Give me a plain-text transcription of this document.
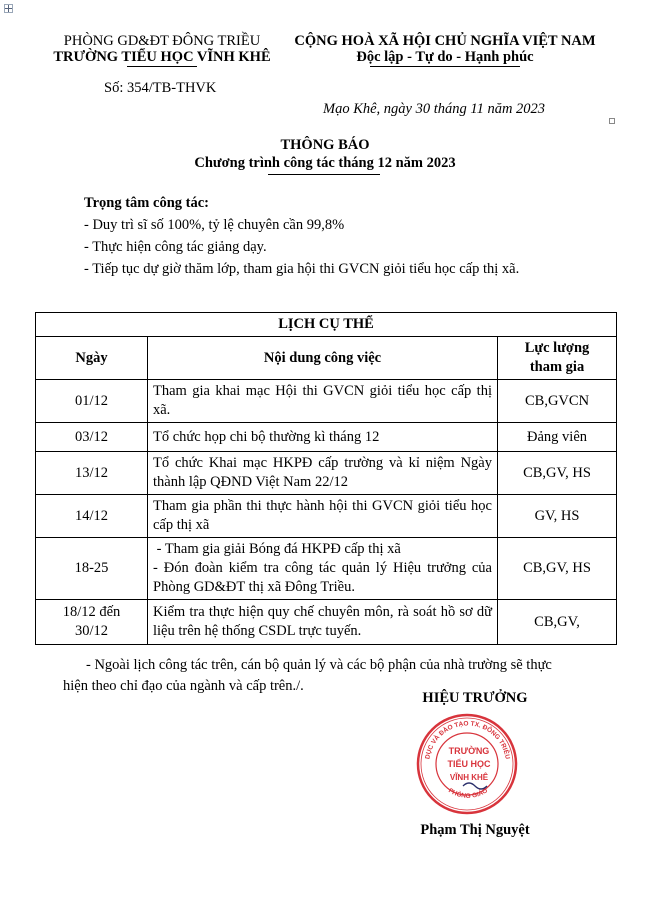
PHÒNG GD&ĐT ĐÔNG TRIỀU
TRƯỜNG TIỂU HỌC VĨNH KHÊ
CỘNG HOÀ XÃ HỘI CHỦ NGHĨA VIỆT NAM
Độc lập - Tự do - Hạnh phúc
Số: 354/TB-THVK
Mạo Khê, ngày 30 tháng 11 năm 2023
THÔNG BÁO
Chương trình công tác tháng 12 năm 2023
Trọng tâm công tác:
- Duy trì sĩ số 100%, tỷ lệ chuyên cần 99,8%
- Thực hiện công tác giảng dạy.
- Tiếp tục dự giờ thăm lớp, tham gia hội thi GVCN giỏi tiểu học cấp thị xã.
LỊCH CỤ THỂ		
Ngày	Nội dung công việc	Lực lượng
tham gia

01/12	Tham gia khai mạc Hội thi GVCN giỏi tiểu học cấp thị xã.	CB,GVCN
03/12	Tổ chức họp chi bộ thường kì tháng 12	Đảng viên
13/12	Tổ chức Khai mạc HKPĐ cấp trường và kỉ niệm Ngày thành lập QĐND Việt Nam 22/12	CB,GV, HS
14/12	Tham gia phần thi thực hành hội thi GVCN giỏi tiểu học cấp thị xã	GV, HS
18-25	- Tham gia giải Bóng đá HKPĐ cấp thị xã
- Đón đoàn kiểm tra công tác quản lý Hiệu trưởng của Phòng GD&ĐT thị xã Đông Triều.	CB,GV, HS

18/12 đến
30/12	Kiểm tra thực hiện quy chế chuyên môn, rà soát hồ sơ dữ liệu trên hệ thống CSDL trực tuyến.	CB,GV,
- Ngoài lịch công tác trên, cán bộ quản lý và các bộ phận của nhà trường sẽ thực
hiện theo chỉ đạo của ngành và cấp trên./.
HIỆU TRƯỞNG
DỤC VÀ ĐÀO TẠO TX. ĐÔNG TRIỀU
PHÒNG GIÁO
TRƯỜNG
TIỂU HỌC
VĨNH KHÊ
Phạm Thị Nguyệt
